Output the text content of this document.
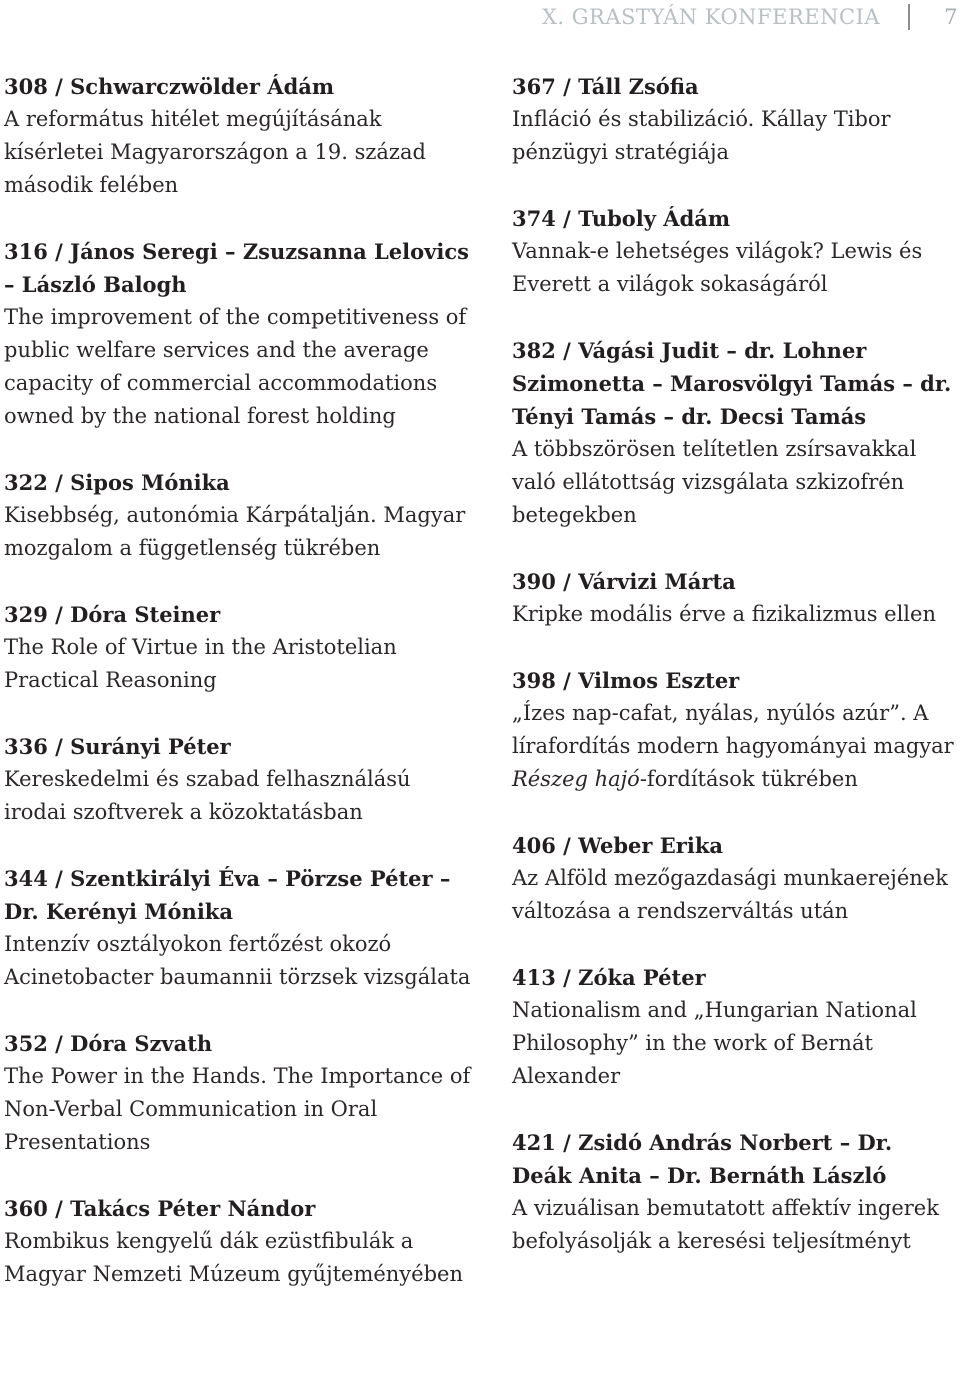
X. GRASTYÁN KONFERENCIA	7
308 / Schwarczwölder Ádám
A református hitélet megújításának kísérletei Magyarországon a 19. század második felében
316 / János Seregi – Zsuzsanna Lelovics – László Balogh
The improvement of the competitiveness of public welfare services and the average capacity of commercial accommodations owned by the national forest holding
322 / Sipos Mónika
Kisebbség, autonómia Kárpátalján. Magyar mozgalom a függetlenség tükrében
329 / Dóra Steiner
The Role of Virtue in the Aristotelian Practical Reasoning
336 / Surányi Péter
Kereskedelmi és szabad felhasználású irodai szoftverek a közoktatásban
344 / Szentkirályi Éva – Pörzse Péter – Dr. Kerényi Mónika
Intenzív osztályokon fertőzést okozó Acinetobacter baumannii törzsek vizsgálata
352 / Dóra Szvath
The Power in the Hands. The Importance of Non-Verbal Communication in Oral Presentations
360 / Takács Péter Nándor
Rombikus kengyelű dák ezüstfibulák a Magyar Nemzeti Múzeum gyűjteményében
367 / Táll Zsófia
Infláció és stabilizáció. Kállay Tibor pénzügyi stratégiája
374 / Tuboly Ádám
Vannak-e lehetséges világok? Lewis és Everett a világok sokaságáról
382 / Vágási Judit – dr. Lohner Szimonetta – Marosvölgyi Tamás – dr. Tényi Tamás – dr. Decsi Tamás
A többszörösen telítetlen zsírsavakkal való ellátottság vizsgálata szkizofrén betegekben
390 / Várvizi Márta
Kripke modális érve a fizikalizmus ellen
398 / Vilmos Eszter
„Ízes nap-cafat, nyálas, nyúlós azúr”. A lírafordítás modern hagyományai magyar Részeg hajó-fordítások tükrében
406 / Weber Erika
Az Alföld mezőgazdasági munkaerejének változása a rendszerváltás után
413 / Zóka Péter
Nationalism and „Hungarian National Philosophy” in the work of Bernát Alexander
421 / Zsidó András Norbert – Dr. Deák Anita – Dr. Bernáth László
A vizuálisan bemutatott affektív ingerek befolyásolják a keresési teljesítményt
